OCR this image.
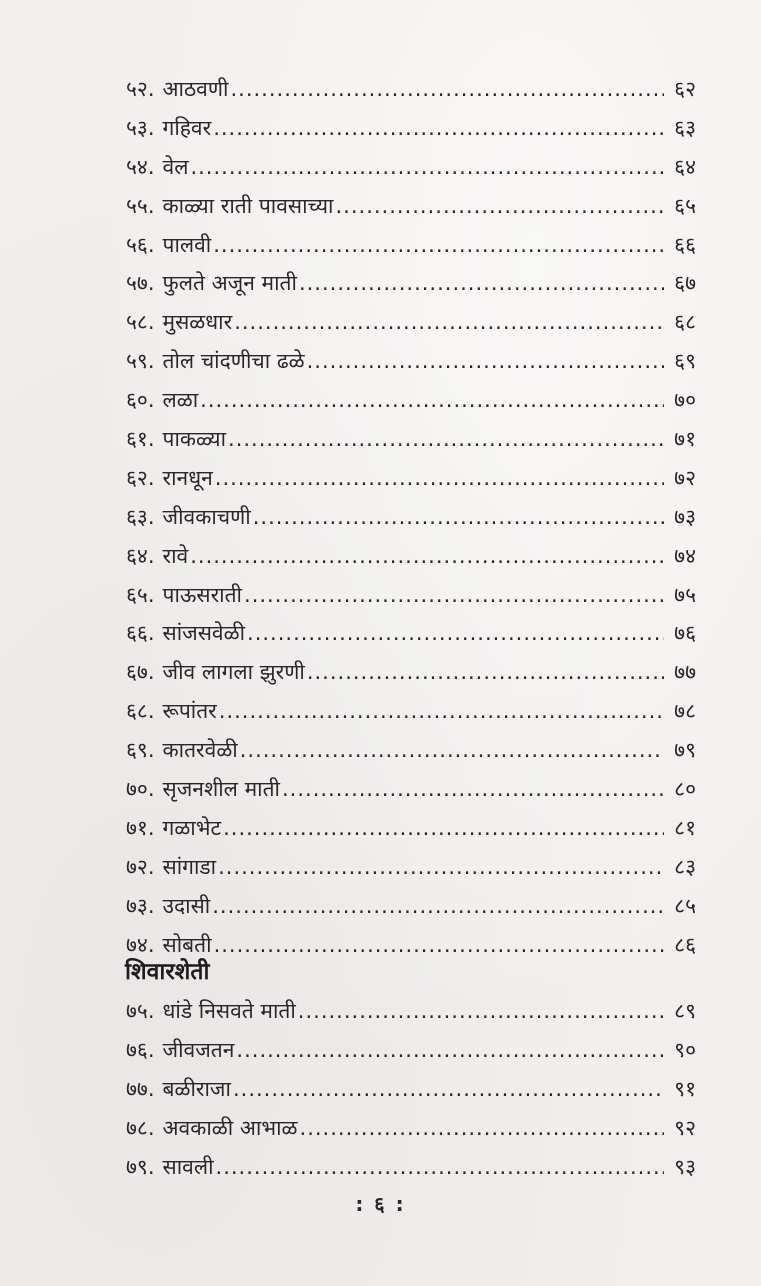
५२. आठवणी .....	६२
५३. गहिवर .....	६३
५४. वेल .....	६४
५५. काळ्या राती पावसाच्या .....	६५
५६. पालवी .....	६६
५७. फुलते अजून माती .....	६७
५८. मुसळधार .....	६८
५९. तोल चांदणीचा ढळे .....	६९
६०. लळा .....	७०
६१. पाकळ्या .....	७१
६२. रानधून .....	७२
६३. जीवकाचणी .....	७३
६४. रावे .....	७४
६५. पाऊसराती .....	७५
६६. सांजसवेळी .....	७६
६७. जीव लागला झुरणी .....	७७
६८. रूपांतर .....	७८
६९. कातरवेळी .....	७९
७०. सृजनशील माती .....	८०
७१. गळाभेट .....	८१
७२. सांगाडा .....	८३
७३. उदासी .....	८५
७४. सोबती .....	८६
शिवारशेती
७५. धांडे निसवते माती .....	८९
७६. जीवजतन .....	९०
७७. बळीराजा .....	९१
७८. अवकाळी आभाळ .....	९२
७९. सावली .....	९३
: ६ :
